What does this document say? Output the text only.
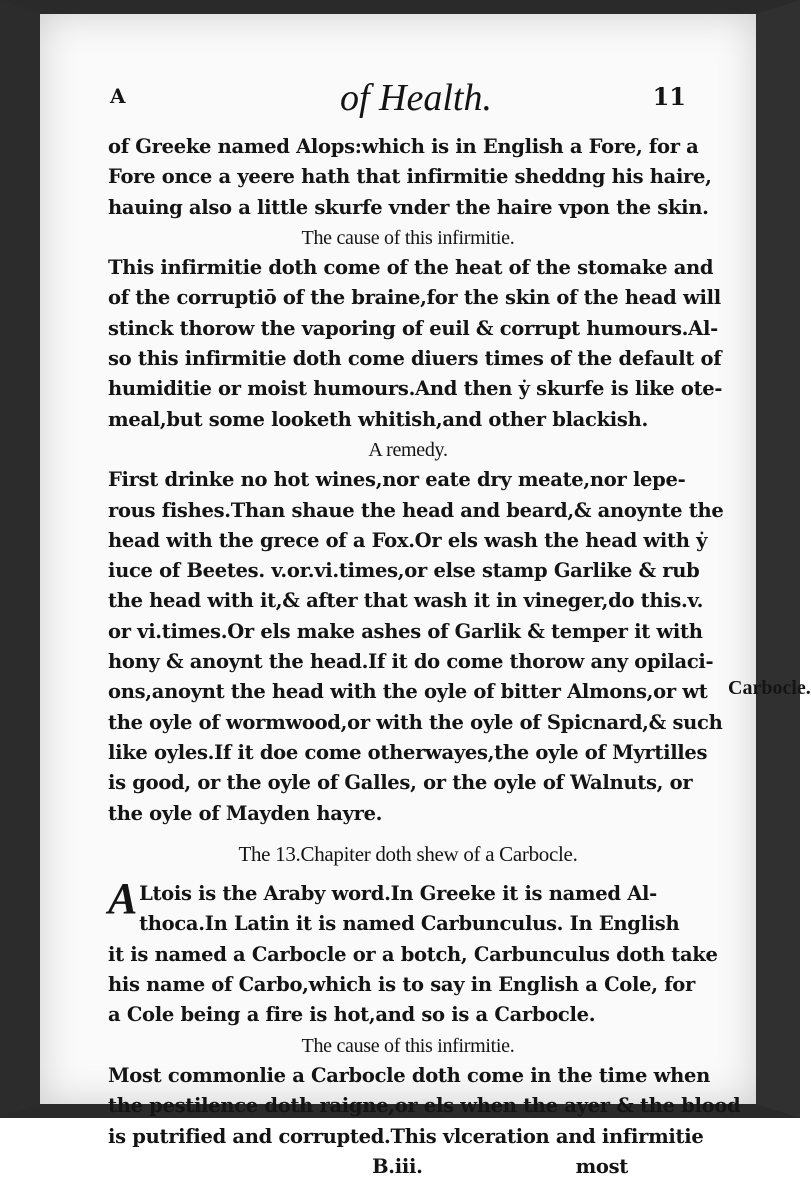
A	of Health.	11
Carbocle.
of Greeke named Alops:which is in English a Fore, for a
Fore once a yeere hath that infirmitie sheddng his haire,
hauing also a little skurfe vnder the haire vpon the skin.
The cause of this infirmitie.
This infirmitie doth come of the heat of the stomake and
of the corruptiō of the braine,for the skin of the head will
stinck thorow the vaporing of euil & corrupt humours.Al-
so this infirmitie doth come diuers times of the default of
humiditie or moist humours.And then ẏ skurfe is like ote-
meal,but some looketh whitish,and other blackish.
A remedy.
First drinke no hot wines,nor eate dry meate,nor lepe-
rous fishes.Than shaue the head and beard,& anoynte the
head with the grece of a Fox.Or els wash the head with ẏ
iuce of Beetes. v.or.vi.times,or else stamp Garlike & rub
the head with it,& after that wash it in vineger,do this.v.
or vi.times.Or els make ashes of Garlik & temper it with
hony & anoynt the head.If it do come thorow any opilaci-
ons,anoynt the head with the oyle of bitter Almons,or wt
the oyle of wormwood,or with the oyle of Spicnard,& such
like oyles.If it doe come otherwayes,the oyle of Myrtilles
is good, or the oyle of Galles, or the oyle of Walnuts, or
the oyle of Mayden hayre.
The 13.Chapiter doth shew of a Carbocle.
A Ltois is the Araby word.In Greeke it is named Al-
thoca.In Latin it is named Carbunculus. In English
it is named a Carbocle or a botch, Carbunculus doth take
his name of Carbo,which is to say in English a Cole, for
a Cole being a fire is hot,and so is a Carbocle.
The cause of this infirmitie.
Most commonlie a Carbocle doth come in the time when
the pestilence doth raigne,or els when the ayer & the blood
is putrified and corrupted.This vlceration and infirmitie
B.iii.	most
